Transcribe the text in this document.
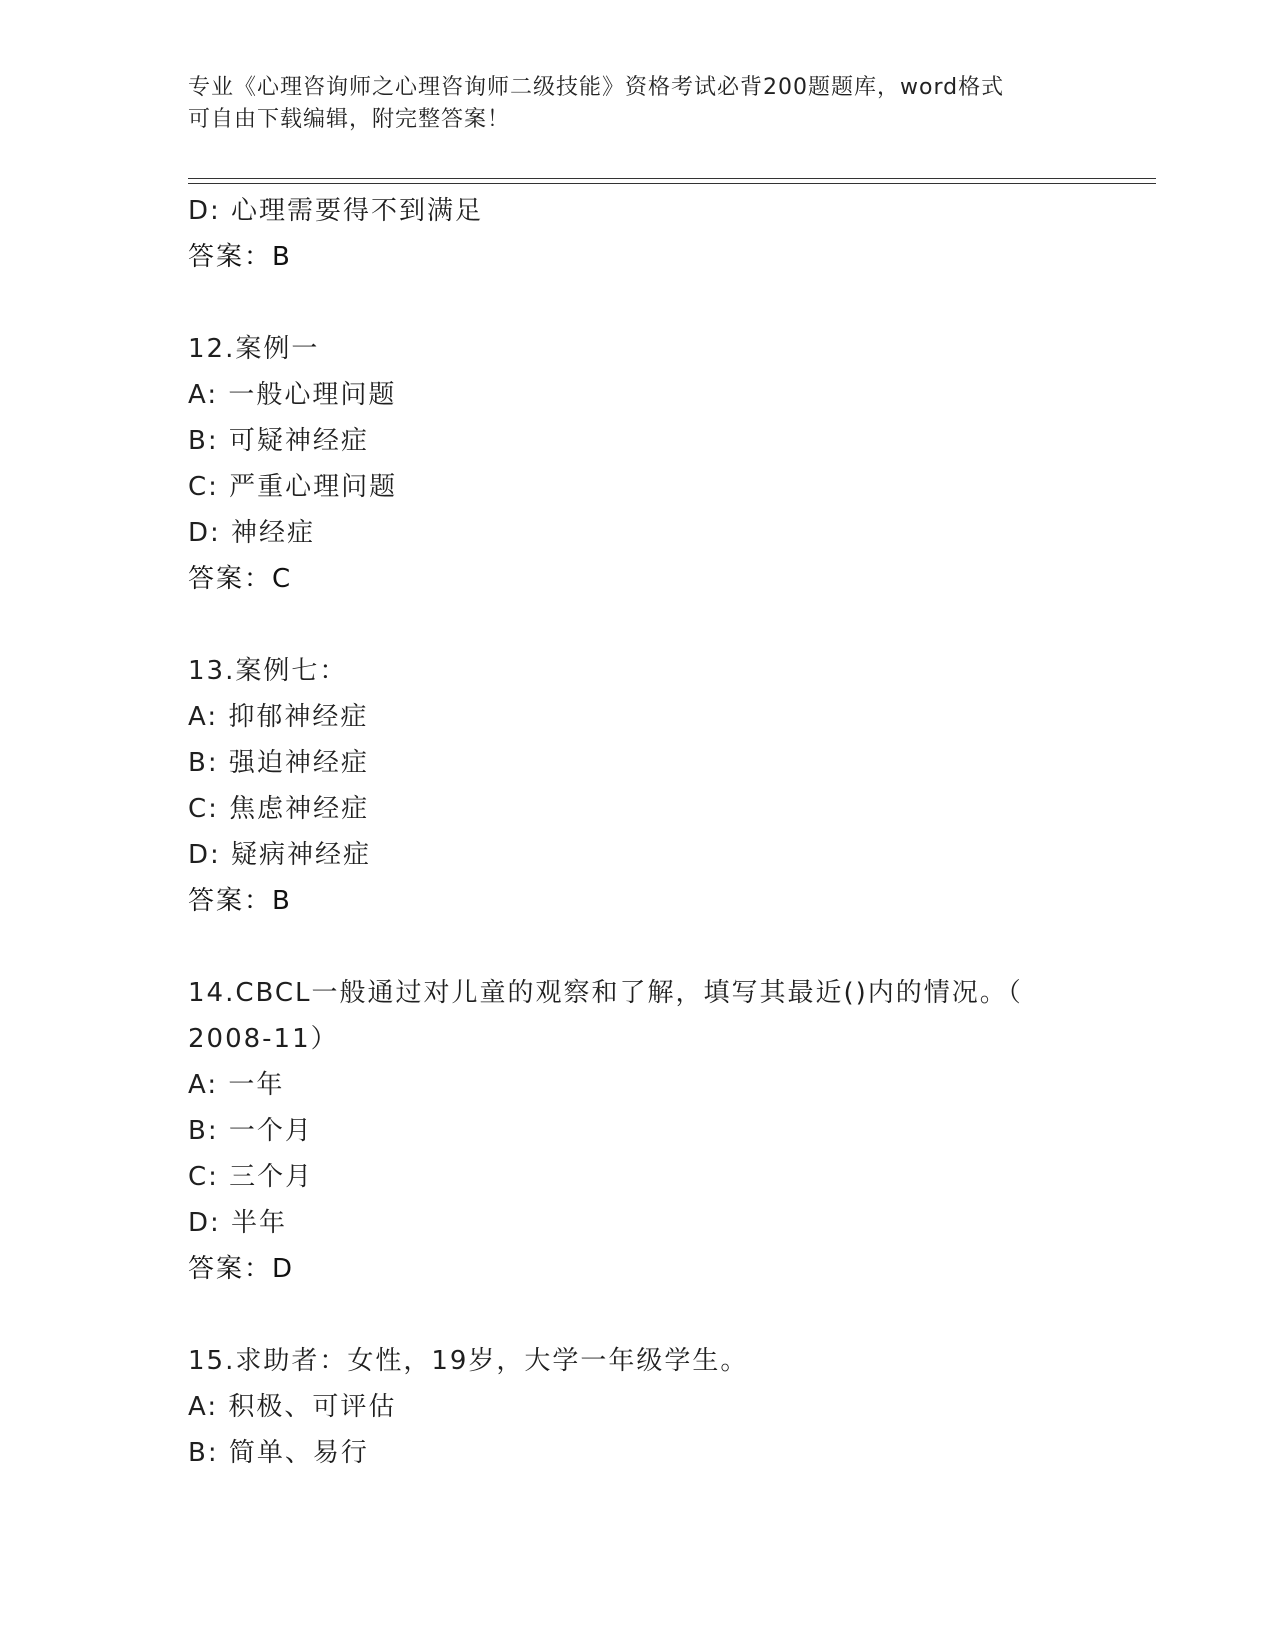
专业《心理咨询师之心理咨询师二级技能》资格考试必背200题题库，word格式
可自由下载编辑，附完整答案！
D: 心理需要得不到满足
答案：B
12.案例一
A: 一般心理问题
B: 可疑神经症
C: 严重心理问题
D: 神经症
答案：C
13.案例七：
A: 抑郁神经症
B: 强迫神经症
C: 焦虑神经症
D: 疑病神经症
答案：B
14.CBCL一般通过对儿童的观察和了解，填写其最近()内的情况。（
2008-11）
A: 一年
B: 一个月
C: 三个月
D: 半年
答案：D
15.求助者：女性，19岁，大学一年级学生。
A: 积极、可评估
B: 简单、易行
